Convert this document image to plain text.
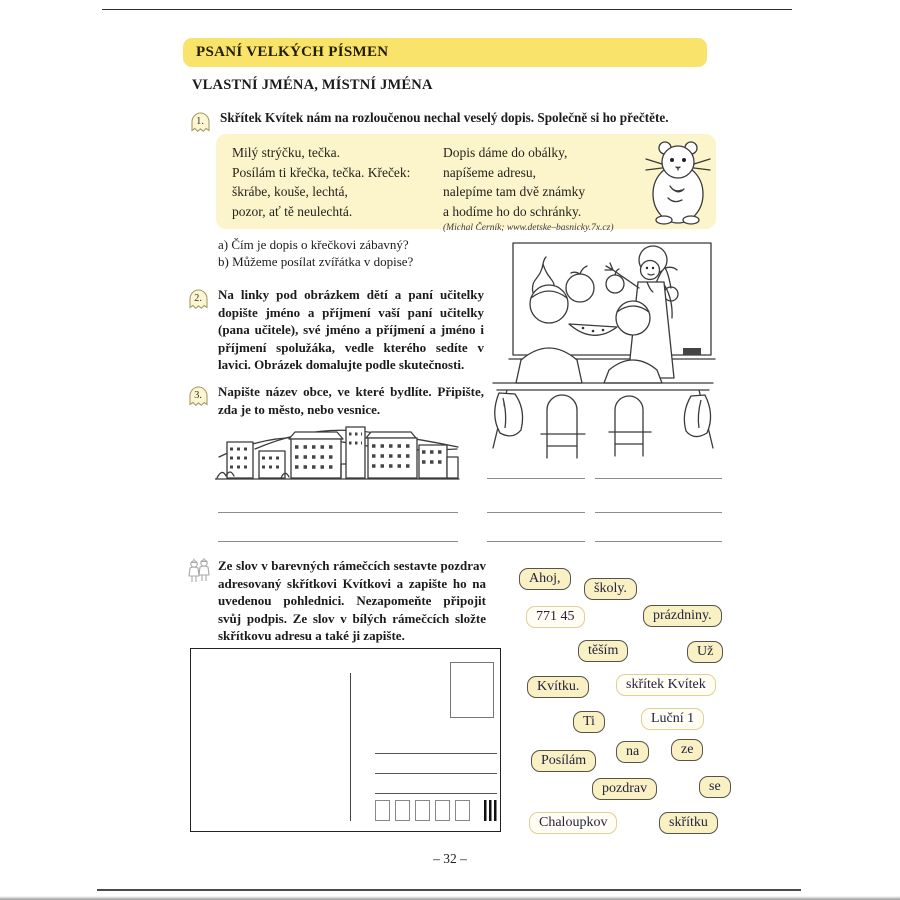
PSANÍ VELKÝCH PÍSMEN
VLASTNÍ JMÉNA, MÍSTNÍ JMÉNA
1.	Skřítek Kvítek nám na rozloučenou nechal veselý dopis. Společně si ho přečtěte.
Milý strýčku, tečka.
Posílám ti křečka, tečka. Křeček:
škrábe, kouše, lechtá,
pozor, ať tě neulechtá.
Dopis dáme do obálky,
napíšeme adresu,
nalepíme tam dvě známky
a hodíme ho do schránky.
(Michal Černík; www.detske–basnicky.7x.cz)
a) Čím je dopis o křečkovi zábavný?
b) Můžeme posílat zvířátka v dopise?
2.	Na linky pod obrázkem dětí a paní učitelky dopište jméno a příjmení vaší paní učitelky (pana učitele), své jméno a příjmení a jméno i příjmení spolužáka, vedle kterého sedíte v lavici. Obrázek domalujte podle skutečnosti.
3.	Napište název obce, ve které bydlíte. Připište, zda je to město, nebo vesnice.
Ze slov v barevných rámečcích sestavte pozdrav adresovaný skřítkovi Kvítkovi a zapište ho na uvedenou pohlednici. Nezapomeňte připojit svůj podpis. Ze slov v bílých rámečcích složte skřítkovu adresu a také ji zapište.
Ahoj,
školy.
771 45	prázdniny.
těším	Už
Kvítku.	skřítek Kvítek
Ti	Luční 1
na	ze
Posílám
pozdrav	se
Chaloupkov	skřítku
– 32 –
